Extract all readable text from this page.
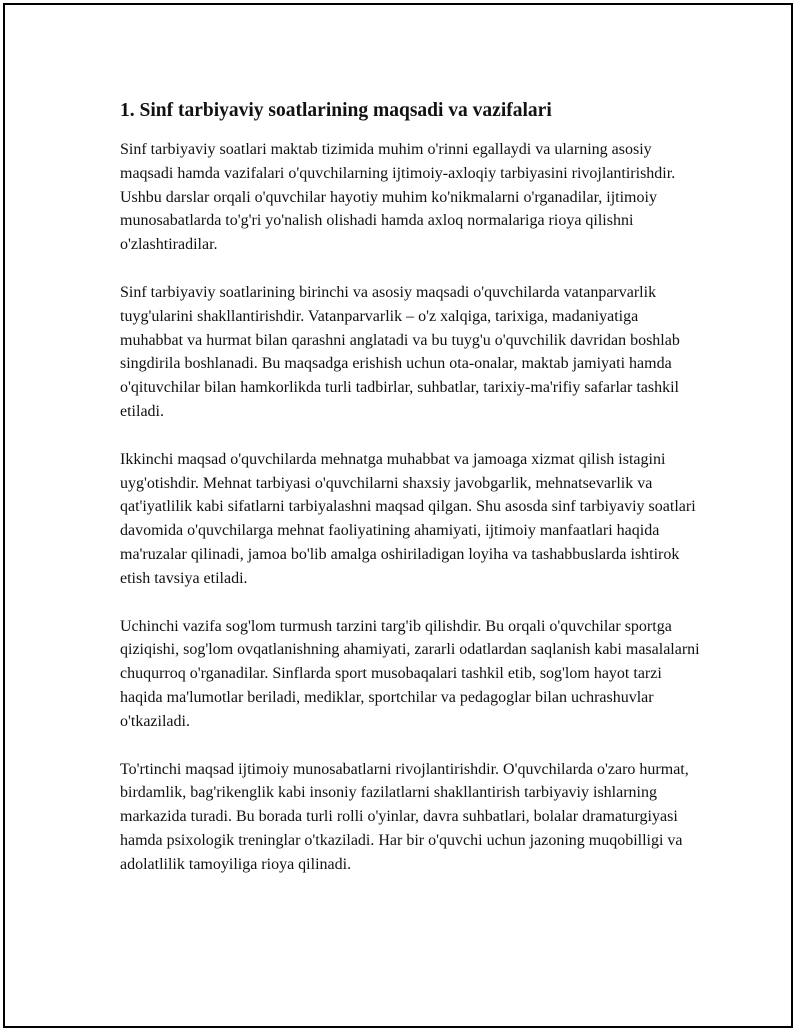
1. Sinf tarbiyaviy soatlarining maqsadi va vazifalari

Sinf tarbiyaviy soatlari maktab tizimida muhim o'rinni egallaydi va ularning asosiy maqsadi hamda vazifalari o'quvchilarning ijtimoiy-axloqiy tarbiyasini rivojlantirishdir. Ushbu darslar orqali o'quvchilar hayotiy muhim ko'nikmalarni o'rganadilar, ijtimoiy munosabatlarda to'g'ri yo'nalish olishadi hamda axloq normalariga rioya qilishni o'zlashtiradilar.

Sinf tarbiyaviy soatlarining birinchi va asosiy maqsadi o'quvchilarda vatanparvarlik tuyg'ularini shakllantirishdir. Vatanparvarlik – o'z xalqiga, tarixiga, madaniyatiga muhabbat va hurmat bilan qarashni anglatadi va bu tuyg'u o'quvchilik davridan boshlab singdirila boshlanadi. Bu maqsadga erishish uchun ota-onalar, maktab jamiyati hamda o'qituvchilar bilan hamkorlikda turli tadbirlar, suhbatlar, tarixiy-ma'rifiy safarlar tashkil etiladi.

Ikkinchi maqsad o'quvchilarda mehnatga muhabbat va jamoaga xizmat qilish istagini uyg'otishdir. Mehnat tarbiyasi o'quvchilarni shaxsiy javobgarlik, mehnatsevarlik va qat'iyatlilik kabi sifatlarni tarbiyalashni maqsad qilgan. Shu asosda sinf tarbiyaviy soatlari davomida o'quvchilarga mehnat faoliyatining ahamiyati, ijtimoiy manfaatlari haqida ma'ruzalar qilinadi, jamoa bo'lib amalga oshiriladigan loyiha va tashabbuslarda ishtirok etish tavsiya etiladi.

Uchinchi vazifa sog'lom turmush tarzini targ'ib qilishdir. Bu orqali o'quvchilar sportga qiziqishi, sog'lom ovqatlanishning ahamiyati, zararli odatlardan saqlanish kabi masalalarni chuqurroq o'rganadilar. Sinflarda sport musobaqalari tashkil etib, sog'lom hayot tarzi haqida ma'lumotlar beriladi, mediklar, sportchilar va pedagoglar bilan uchrashuvlar o'tkaziladi.

To'rtinchi maqsad ijtimoiy munosabatlarni rivojlantirishdir. O'quvchilarda o'zaro hurmat, birdamlik, bag'rikenglik kabi insoniy fazilatlarni shakllantirish tarbiyaviy ishlarning markazida turadi. Bu borada turli rolli o'yinlar, davra suhbatlari, bolalar dramaturgiyasi hamda psixologik treninglar o'tkaziladi. Har bir o'quvchi uchun jazoning muqobilligi va adolatlilik tamoyiliga rioya qilinadi.
